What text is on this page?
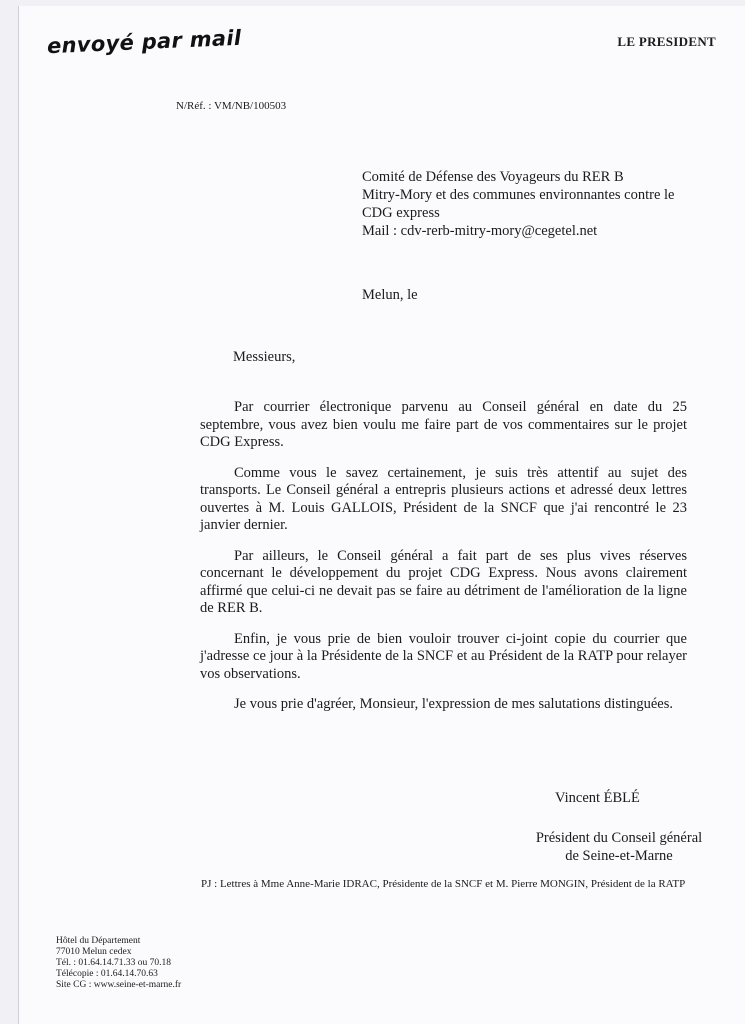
envoyé par mail	LE PRESIDENT
N/Réf. : VM/NB/100503
Comité de Défense des Voyageurs du RER B
Mitry-Mory et des communes environnantes contre le
CDG express
Mail : cdv-rerb-mitry-mory@cegetel.net
Melun, le
Messieurs,

Par courrier électronique parvenu au Conseil général en date du 25 septembre, vous avez bien voulu me faire part de vos commentaires sur le projet CDG Express.

Comme vous le savez certainement, je suis très attentif au sujet des transports. Le Conseil général a entrepris plusieurs actions et adressé deux lettres ouvertes à M. Louis GALLOIS, Président de la SNCF que j'ai rencontré le 23 janvier dernier.

Par ailleurs, le Conseil général a fait part de ses plus vives réserves concernant le développement du projet CDG Express. Nous avons clairement affirmé que celui-ci ne devait pas se faire au détriment de l'amélioration de la ligne de RER B.

Enfin, je vous prie de bien vouloir trouver ci-joint copie du courrier que j'adresse ce jour à la Présidente de la SNCF et au Président de la RATP pour relayer vos observations.

Je vous prie d'agréer, Monsieur, l'expression de mes salutations distinguées.

Vincent ÉBLÉ
Président du Conseil général
de Seine-et-Marne
PJ : Lettres à Mme Anne-Marie IDRAC, Présidente de la SNCF et M. Pierre MONGIN, Président de la RATP
Hôtel du Département
77010 Melun cedex
Tél. : 01.64.14.71.33 ou 70.18
Télécopie : 01.64.14.70.63
Site CG : www.seine-et-marne.fr
